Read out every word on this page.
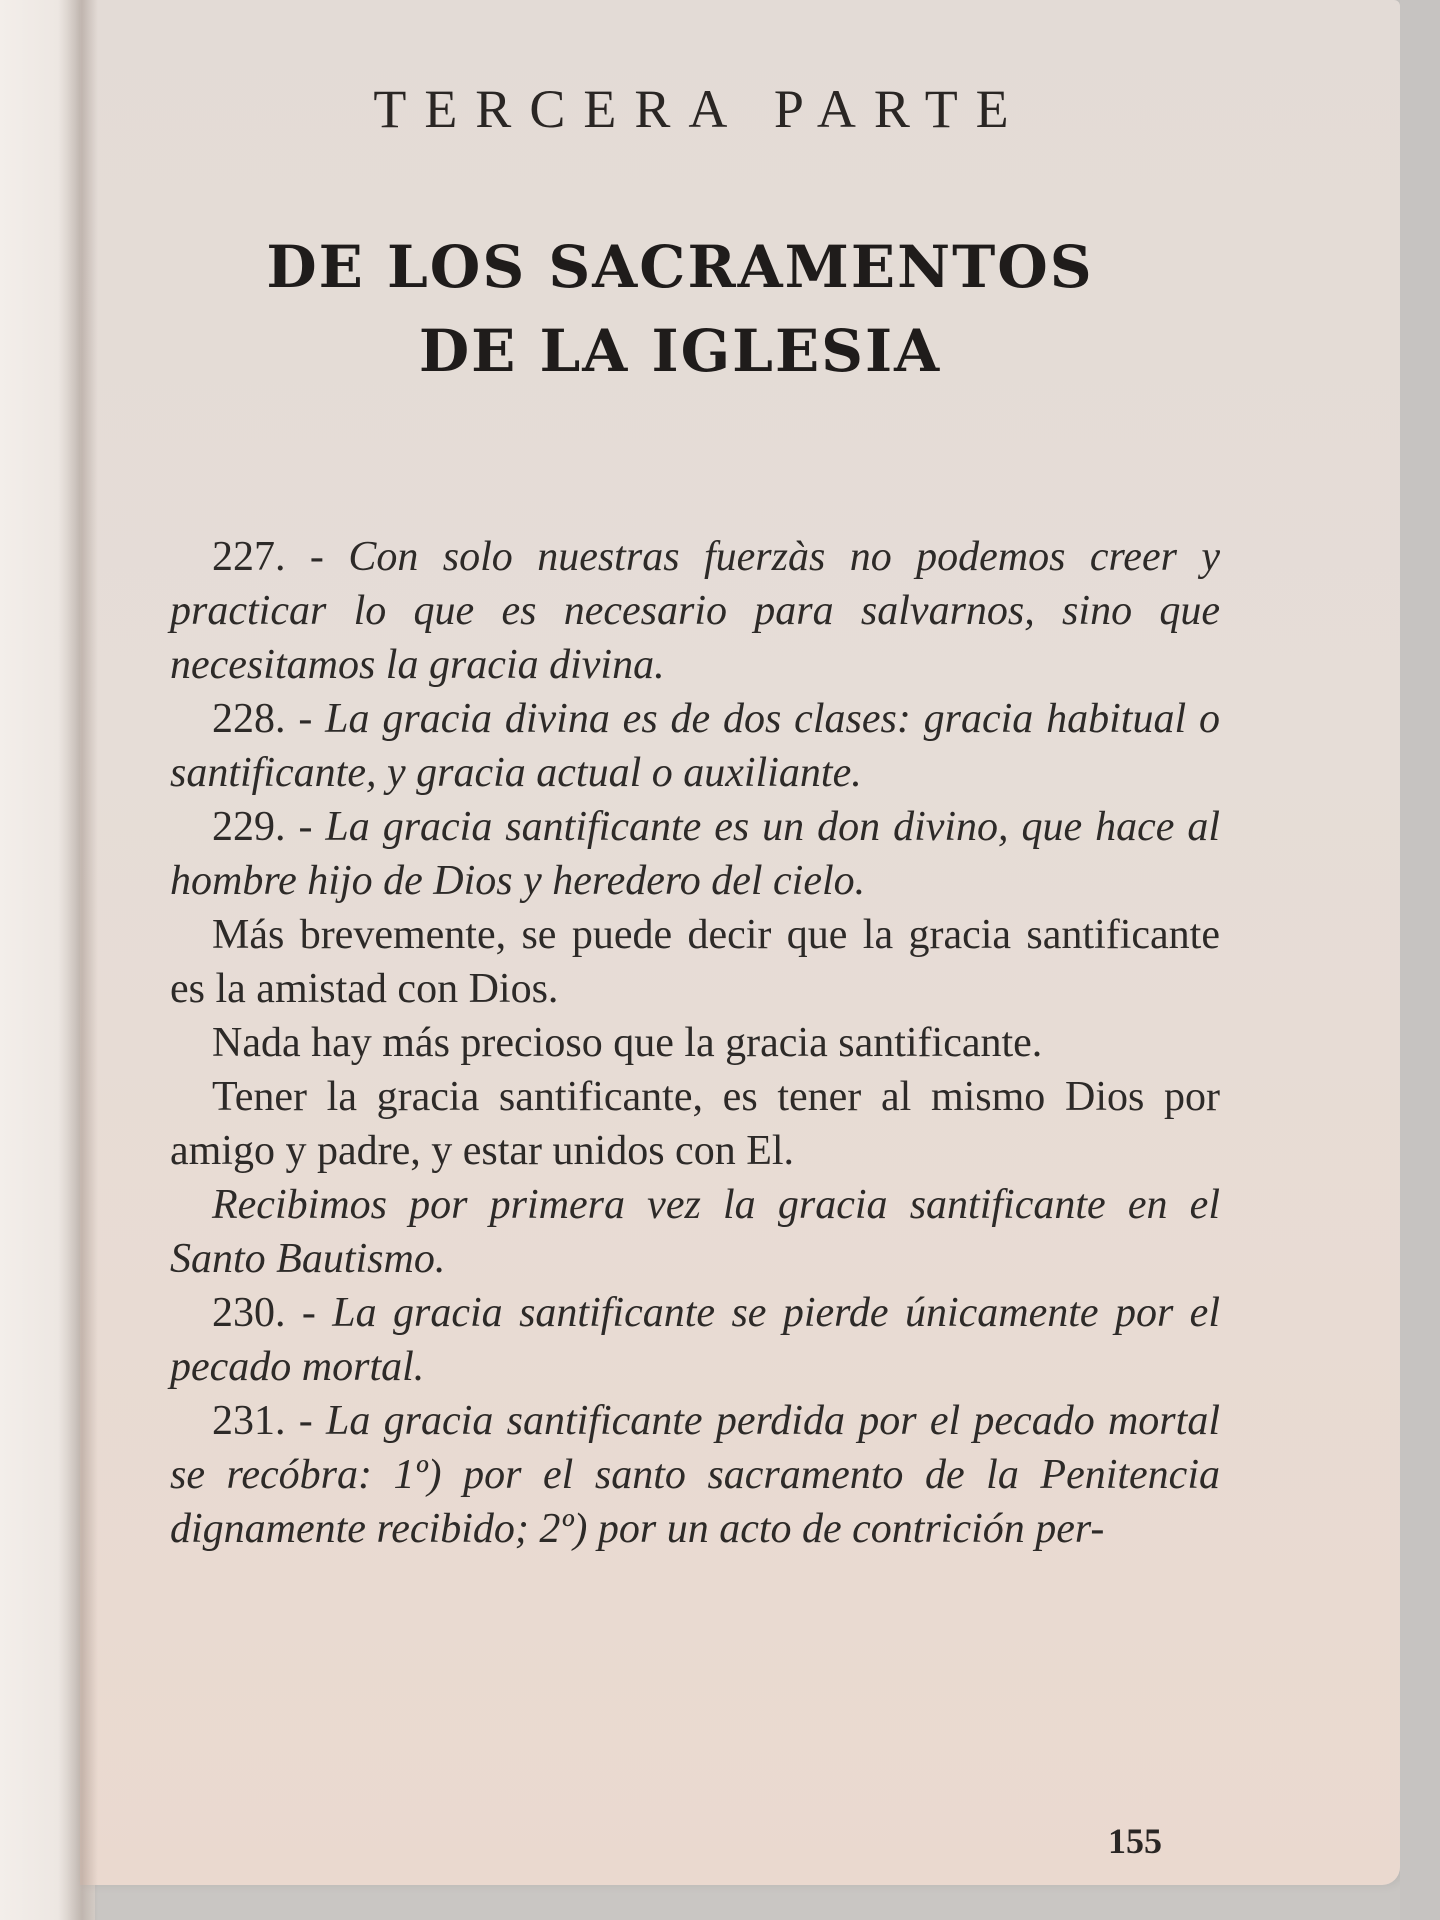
TERCERA PARTE
DE LOS SACRAMENTOS
DE LA IGLESIA

227. - Con solo nuestras fuerzàs no podemos creer y practicar lo que es necesario para salvarnos, sino que necesitamos la gracia divina.

228. - La gracia divina es de dos clases: gracia habitual o santificante, y gracia actual o auxiliante.

229. - La gracia santificante es un don divino, que hace al hombre hijo de Dios y heredero del cielo.

Más brevemente, se puede decir que la gracia santificante es la amistad con Dios.

Nada hay más precioso que la gracia santificante.

Tener la gracia santificante, es tener al mismo Dios por amigo y padre, y estar unidos con El.

Recibimos por primera vez la gracia santificante en el Santo Bautismo.

230. - La gracia santificante se pierde únicamente por el pecado mortal.

231. - La gracia santificante perdida por el pecado mortal se recóbra: 1º) por el santo sacramento de la Penitencia dignamente recibido; 2º) por un acto de contrición per-

155
